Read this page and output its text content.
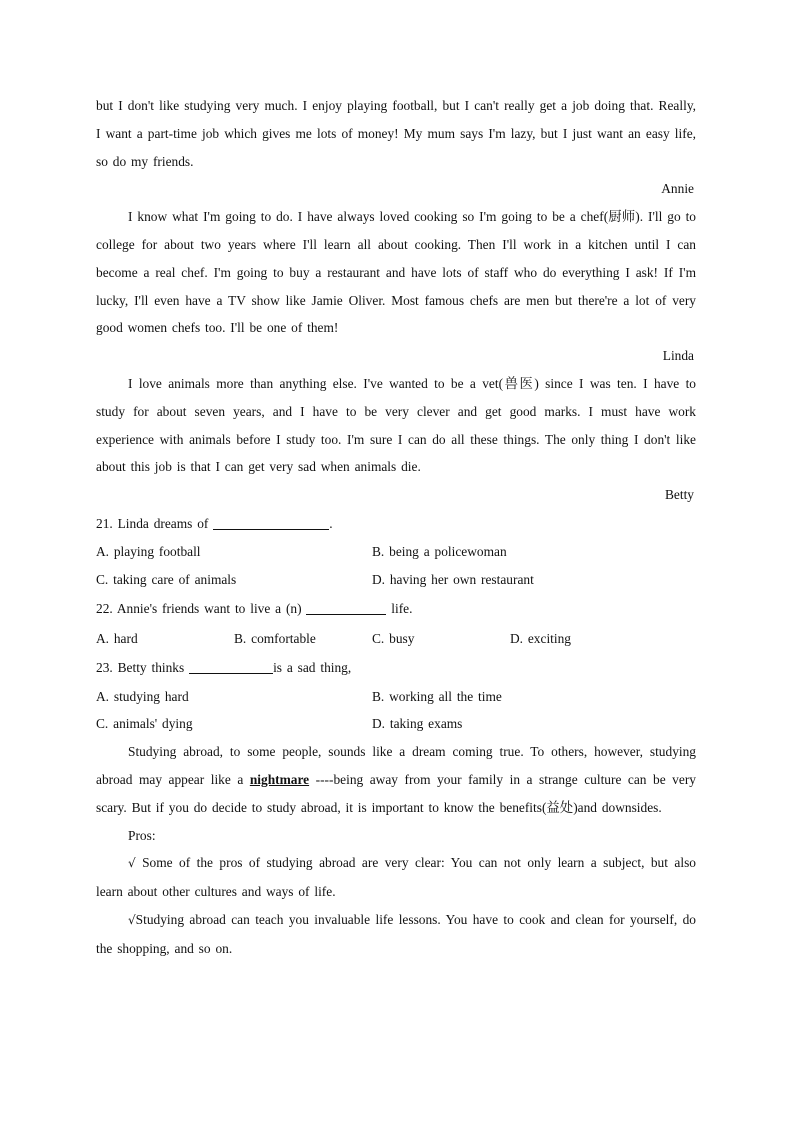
but I don't like studying very much. I enjoy playing football, but I can't really get a job doing that. Really, I want a part-time job which gives me lots of money! My mum says I'm lazy, but I just want an easy life, so do my friends.

Annie

I know what I'm going to do. I have always loved cooking so I'm going to be a chef(厨师). I'll go to college for about two years where I'll learn all about cooking. Then I'll work in a kitchen until I can become a real chef. I'm going to buy a restaurant and have lots of staff who do everything I ask! If I'm lucky, I'll even have a TV show like Jamie Oliver. Most famous chefs are men but there're a lot of very good women chefs too. I'll be one of them!

Linda

I love animals more than anything else. I've wanted to be a vet(兽医) since I was ten. I have to study for about seven years, and I have to be very clever and get good marks. I must have work experience with animals before I study too. I'm sure I can do all these things. The only thing I don't like about this job is that I can get very sad when animals die.

Betty

21. Linda dreams of	.
A. playing football	B. being a policewoman
C. taking care of animals	D. having her own restaurant
22. Annie's friends want to live a (n)	life.
A. hard	B. comfortable	C. busy	D. exciting
23. Betty thinks	is a sad thing,
A. studying hard	B. working all the time
C. animals' dying	D. taking exams

Studying abroad, to some people, sounds like a dream coming true. To others, however, studying abroad may appear like a nightmare ----being away from your family in a strange culture can be very scary. But if you do decide to study abroad, it is important to know the benefits(益处)and downsides.

Pros:

√ Some of the pros of studying abroad are very clear: You can not only learn a subject, but also learn about other cultures and ways of life.

√Studying abroad can teach you invaluable life lessons. You have to cook and clean for yourself, do the shopping, and so on.
